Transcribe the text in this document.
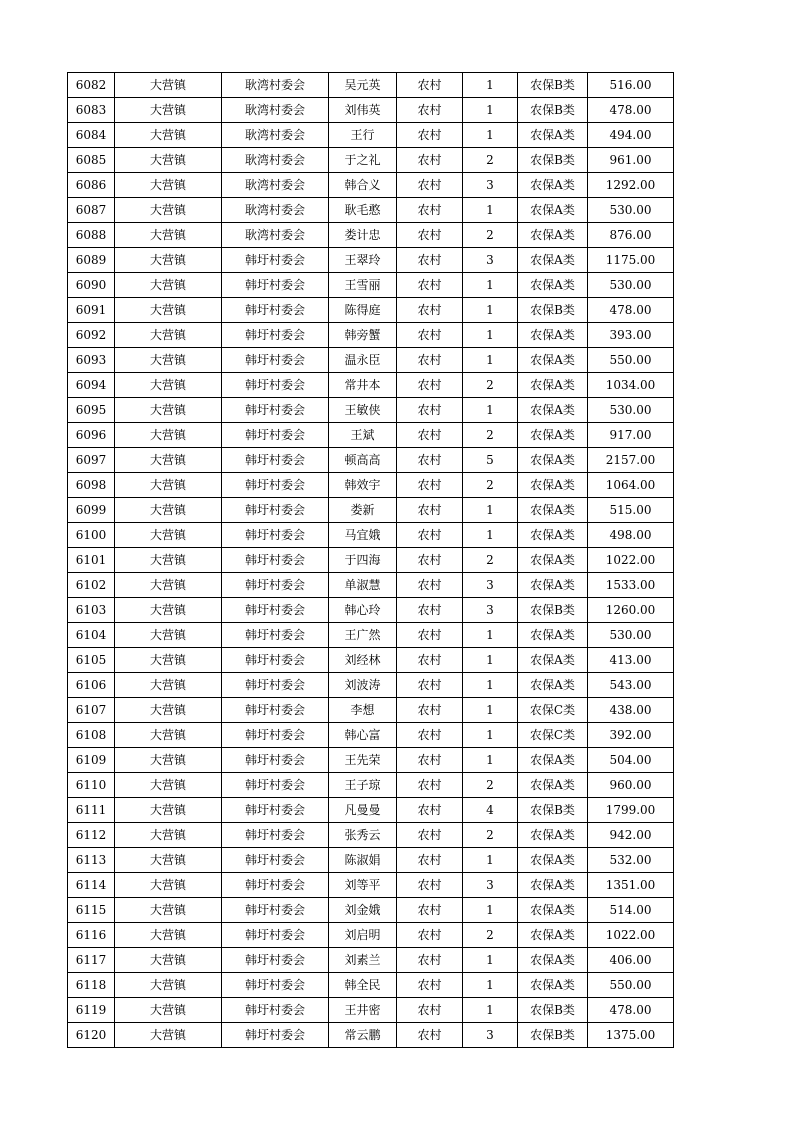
6082	大营镇	耿湾村委会	吴元英	农村	1	农保B类	516.00
6083	大营镇	耿湾村委会	刘伟英	农村	1	农保B类	478.00
6084	大营镇	耿湾村委会	王行	农村	1	农保A类	494.00
6085	大营镇	耿湾村委会	于之礼	农村	2	农保B类	961.00
6086	大营镇	耿湾村委会	韩合义	农村	3	农保A类	1292.00
6087	大营镇	耿湾村委会	耿毛憨	农村	1	农保A类	530.00
6088	大营镇	耿湾村委会	娄计忠	农村	2	农保A类	876.00
6089	大营镇	韩圩村委会	王翠玲	农村	3	农保A类	1175.00
6090	大营镇	韩圩村委会	王雪丽	农村	1	农保A类	530.00
6091	大营镇	韩圩村委会	陈得庭	农村	1	农保B类	478.00
6092	大营镇	韩圩村委会	韩旁蟹	农村	1	农保A类	393.00
6093	大营镇	韩圩村委会	温永臣	农村	1	农保A类	550.00
6094	大营镇	韩圩村委会	常井本	农村	2	农保A类	1034.00
6095	大营镇	韩圩村委会	王敏侠	农村	1	农保A类	530.00
6096	大营镇	韩圩村委会	王斌	农村	2	农保A类	917.00
6097	大营镇	韩圩村委会	顿高高	农村	5	农保A类	2157.00
6098	大营镇	韩圩村委会	韩效宇	农村	2	农保A类	1064.00
6099	大营镇	韩圩村委会	娄新	农村	1	农保A类	515.00
6100	大营镇	韩圩村委会	马宜娥	农村	1	农保A类	498.00
6101	大营镇	韩圩村委会	于四海	农村	2	农保A类	1022.00
6102	大营镇	韩圩村委会	单淑慧	农村	3	农保A类	1533.00
6103	大营镇	韩圩村委会	韩心玲	农村	3	农保B类	1260.00
6104	大营镇	韩圩村委会	王广然	农村	1	农保A类	530.00
6105	大营镇	韩圩村委会	刘经林	农村	1	农保A类	413.00
6106	大营镇	韩圩村委会	刘波涛	农村	1	农保A类	543.00
6107	大营镇	韩圩村委会	李想	农村	1	农保C类	438.00
6108	大营镇	韩圩村委会	韩心富	农村	1	农保C类	392.00
6109	大营镇	韩圩村委会	王先荣	农村	1	农保A类	504.00
6110	大营镇	韩圩村委会	王子琼	农村	2	农保A类	960.00
6111	大营镇	韩圩村委会	凡曼曼	农村	4	农保B类	1799.00
6112	大营镇	韩圩村委会	张秀云	农村	2	农保A类	942.00
6113	大营镇	韩圩村委会	陈淑娟	农村	1	农保A类	532.00
6114	大营镇	韩圩村委会	刘等平	农村	3	农保A类	1351.00
6115	大营镇	韩圩村委会	刘金娥	农村	1	农保A类	514.00
6116	大营镇	韩圩村委会	刘启明	农村	2	农保A类	1022.00
6117	大营镇	韩圩村委会	刘素兰	农村	1	农保A类	406.00
6118	大营镇	韩圩村委会	韩全民	农村	1	农保A类	550.00
6119	大营镇	韩圩村委会	王井密	农村	1	农保B类	478.00
6120	大营镇	韩圩村委会	常云鹏	农村	3	农保B类	1375.00
